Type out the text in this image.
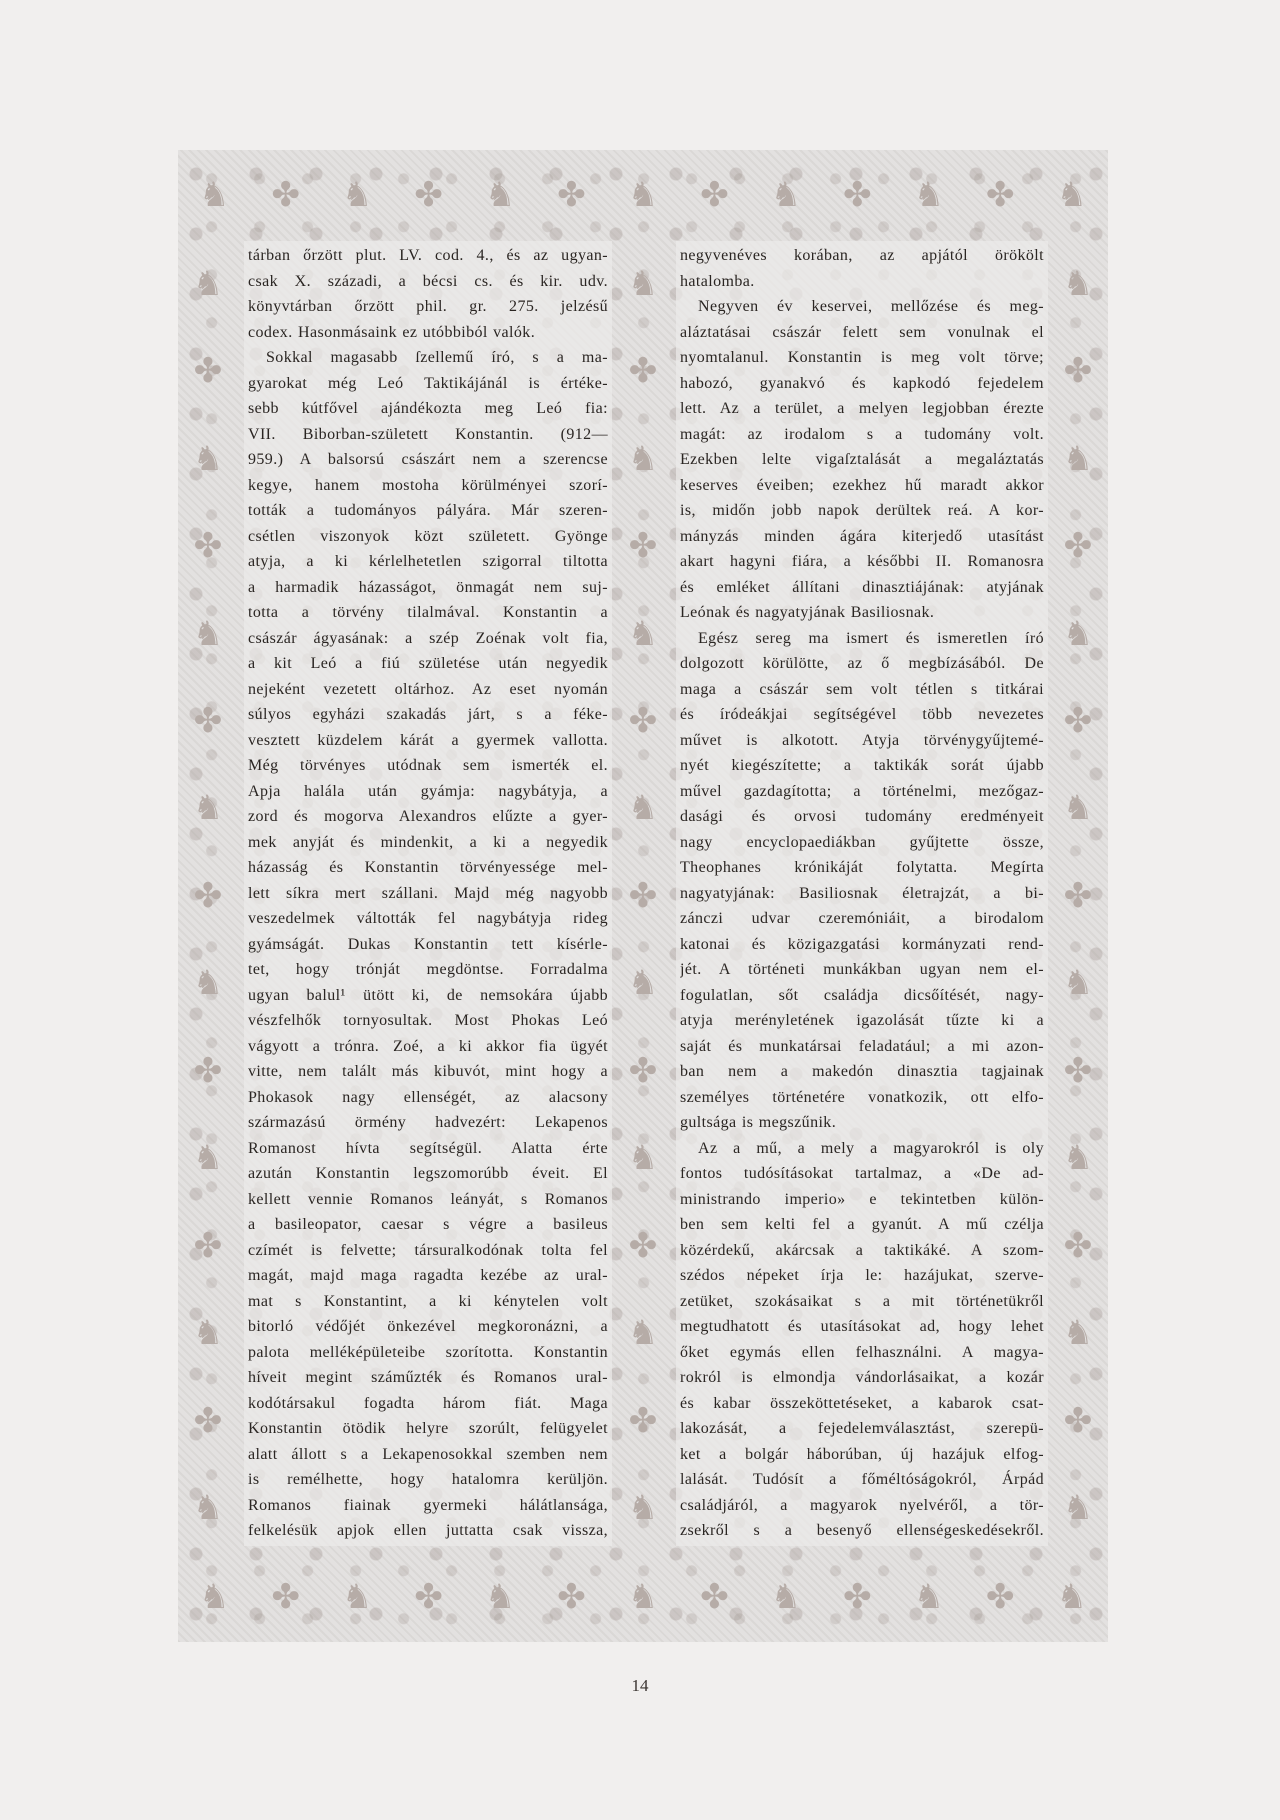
♞ ✤ ♞ ✤ ♞ ✤ ♞ ✤ ♞ ✤ ♞ ✤ ♞
♞ ✤ ♞ ✤ ♞ ✤ ♞ ✤ ♞ ✤ ♞ ✤ ♞
♞
✤
♞
✤
♞
✤
♞
✤
♞
✤
♞
✤
♞
✤
♞
♞
✤
♞
✤
♞
✤
♞
✤
♞
✤
♞
✤
♞
✤
♞
♞
✤
♞
✤
♞
✤
♞
✤
♞
✤
♞
✤
♞
✤
♞
tárban őrzött plut. LV. cod. 4., és az ugyan-
csak X. századi, a bécsi cs. és kir. udv.
könyvtárban őrzött phil. gr. 275. jelzésű
codex. Hasonmásaink ez utóbbiból valók.
Sokkal magasabb ſzellemű író, s a ma-
gyarokat még Leó Taktikájánál is értéke-
sebb kútfővel ajándékozta meg Leó fia:
VII. Biborban-született Konstantin. (912—
959.) A balsorsú császárt nem a szerencse
kegye, hanem mostoha körülményei szorí-
tották a tudományos pályára. Már szeren-
csétlen viszonyok közt született. Gyönge
atyja, a ki kérlelhetetlen szigorral tiltotta
a harmadik házasságot, önmagát nem suj-
totta a törvény tilalmával. Konstantin a
császár ágyasának: a szép Zoénak volt fia,
a kit Leó a fiú születése után negyedik
nejeként vezetett oltárhoz. Az eset nyomán
súlyos egyházi szakadás járt, s a féke-
vesztett küzdelem kárát a gyermek vallotta.
Még törvényes utódnak sem ismerték el.
Apja halála után gyámja: nagybátyja, a
zord és mogorva Alexandros elűzte a gyer-
mek anyját és mindenkit, a ki a negyedik
házasság és Konstantin törvényessége mel-
lett síkra mert szállani. Majd még nagyobb
veszedelmek váltották fel nagybátyja rideg
gyámságát. Dukas Konstantin tett kísérle-
tet, hogy trónját megdöntse. Forradalma
ugyan balul¹ ütött ki, de nemsokára újabb
vészfelhők tornyosultak. Most Phokas Leó
vágyott a trónra. Zoé, a ki akkor fia ügyét
vitte, nem talált más kibuvót, mint hogy a
Phokasok nagy ellenségét, az alacsony
származású örmény hadvezért: Lekapenos
Romanost hívta segítségül. Alatta érte
azután Konstantin legszomorúbb éveit. El
kellett vennie Romanos leányát, s Romanos
a basileopator, caesar s végre a basileus
czímét is felvette; társuralkodónak tolta fel
magát, majd maga ragadta kezébe az ural-
mat s Konstantint, a ki kénytelen volt
bitorló védőjét önkezével megkoronázni, a
palota melléképületeibe szorította. Konstantin
híveit megint száműzték és Romanos ural-
kodótársakul fogadta három fiát. Maga
Konstantin ötödik helyre szorúlt, felügyelet
alatt állott s a Lekapenosokkal szemben nem
is remélhette, hogy hatalomra kerüljön.
Romanos fiainak gyermeki hálátlansága,
felkelésük apjok ellen juttatta csak vissza,
negyvenéves korában, az apjától örökölt
hatalomba.
Negyven év keservei, mellőzése és meg-
aláztatásai császár felett sem vonulnak el
nyomtalanul. Konstantin is meg volt törve;
habozó, gyanakvó és kapkodó fejedelem
lett. Az a terület, a melyen legjobban érezte
magát: az irodalom s a tudomány volt.
Ezekben lelte vigaſztalását a megaláztatás
keserves éveiben; ezekhez hű maradt akkor
is, midőn jobb napok derültek reá. A kor-
mányzás minden ágára kiterjedő utasítást
akart hagyni fiára, a későbbi II. Romanosra
és emléket állítani dinasztiájának: atyjának
Leónak és nagyatyjának Basiliosnak.
Egész sereg ma ismert és ismeretlen író
dolgozott körülötte, az ő megbízásából. De
maga a császár sem volt tétlen s titkárai
és íródeákjai segítségével több nevezetes
művet is alkotott. Atyja törvénygyűjtemé-
nyét kiegészítette; a taktikák sorát újabb
művel gazdagította; a történelmi, mezőgaz-
dasági és orvosi tudomány eredményeit
nagy encyclopaediákban gyűjtette össze,
Theophanes krónikáját folytatta. Megírta
nagyatyjának: Basiliosnak életrajzát, a bi-
zánczi udvar czeremóniáit, a birodalom
katonai és közigazgatási kormányzati rend-
jét. A történeti munkákban ugyan nem el-
fogulatlan, sőt családja dicsőítését, nagy-
atyja merényletének igazolását tűzte ki a
saját és munkatársai feladatául; a mi azon-
ban nem a makedón dinasztia tagjainak
személyes történetére vonatkozik, ott elfo-
gultsága is megszűnik.
Az a mű, a mely a magyarokról is oly
fontos tudósításokat tartalmaz, a «De ad-
ministrando imperio» e tekintetben külön-
ben sem kelti fel a gyanút. A mű czélja
közérdekű, akárcsak a taktikáké. A szom-
szédos népeket írja le: hazájukat, szerve-
zetüket, szokásaikat s a mit történetükről
megtudhatott és utasításokat ad, hogy lehet
őket egymás ellen felhasználni. A magya-
rokról is elmondja vándorlásaikat, a kozár
és kabar összeköttetéseket, a kabarok csat-
lakozását, a fejedelemválasztást, szerepü-
ket a bolgár háborúban, új hazájuk elfog-
lalását. Tudósít a főméltóságokról, Árpád
családjáról, a magyarok nyelvéről, a tör-
zsekről s a besenyő ellenségeskedésekről.
14
